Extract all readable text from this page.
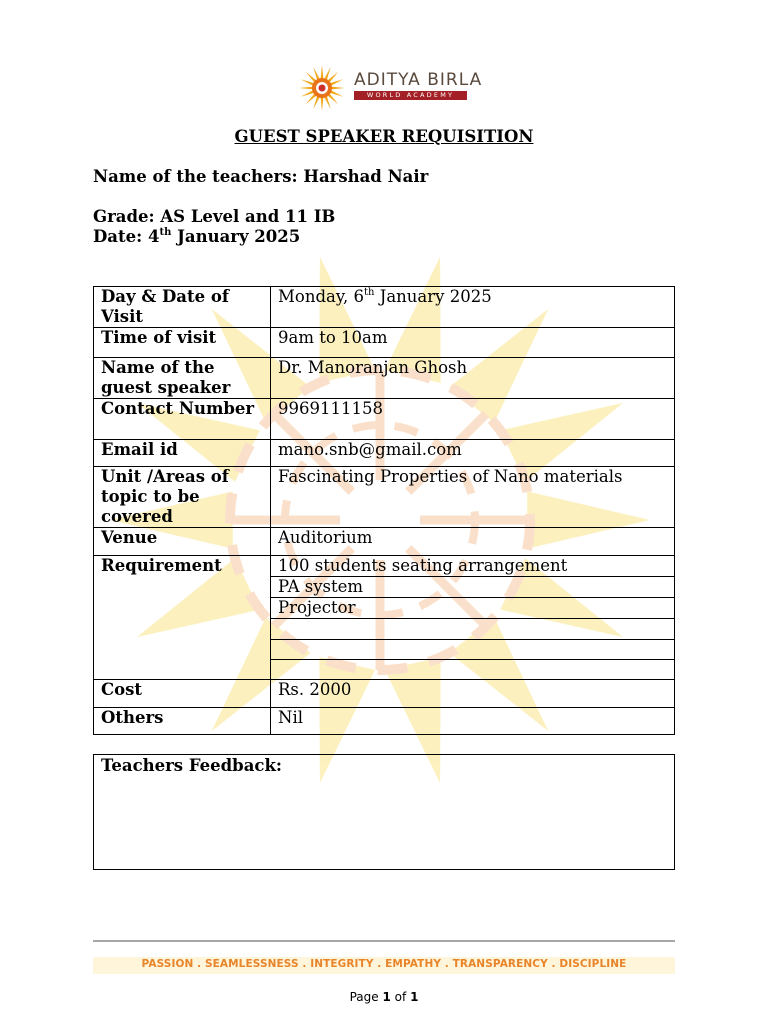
ADITYA BIRLA
WORLD ACADEMY
GUEST SPEAKER REQUISITION
Name of the teachers: Harshad Nair
Grade: AS Level and 11 IB
Date: 4th January 2025
Day & Date of Visit	Monday, 6th January 2025
Time of visit	9am to 10am
Name of the guest speaker	Dr. Manoranjan Ghosh
Contact Number	9969111158
Email id	mano.snb@gmail.com
Unit /Areas of topic to be covered	Fascinating Properties of Nano materials
Venue	Auditorium
Requirement	100 students seating arrangement
	PA system
	Projector

Cost	Rs. 2000
Others	Nil
Teachers Feedback:
PASSION . SEAMLESSNESS . INTEGRITY . EMPATHY . TRANSPARENCY . DISCIPLINE
Page 1 of 1
